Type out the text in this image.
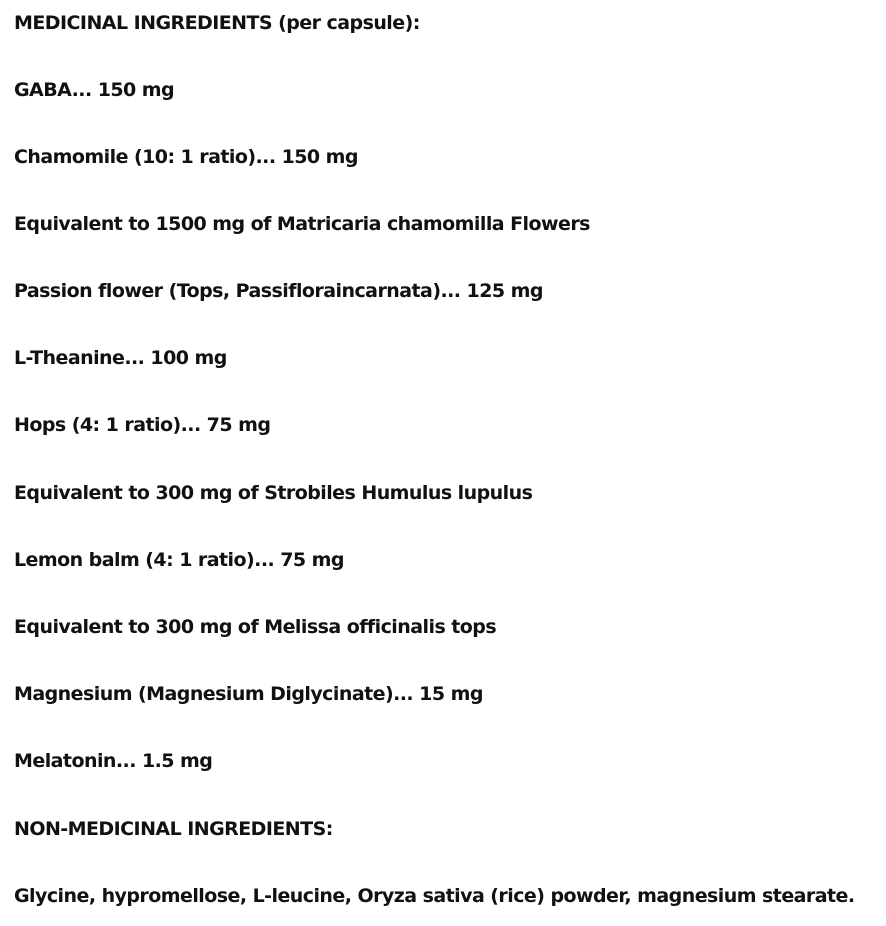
MEDICINAL INGREDIENTS (per capsule):
GABA... 150 mg
Chamomile (10: 1 ratio)... 150 mg
Equivalent to 1500 mg of Matricaria chamomilla Flowers
Passion flower (Tops, Passifloraincarnata)... 125 mg
L-Theanine... 100 mg
Hops (4: 1 ratio)... 75 mg
Equivalent to 300 mg of Strobiles Humulus lupulus
Lemon balm (4: 1 ratio)... 75 mg
Equivalent to 300 mg of Melissa officinalis tops
Magnesium (Magnesium Diglycinate)... 15 mg
Melatonin... 1.5 mg
NON-MEDICINAL INGREDIENTS:
Glycine, hypromellose, L-leucine, Oryza sativa (rice) powder, magnesium stearate.
